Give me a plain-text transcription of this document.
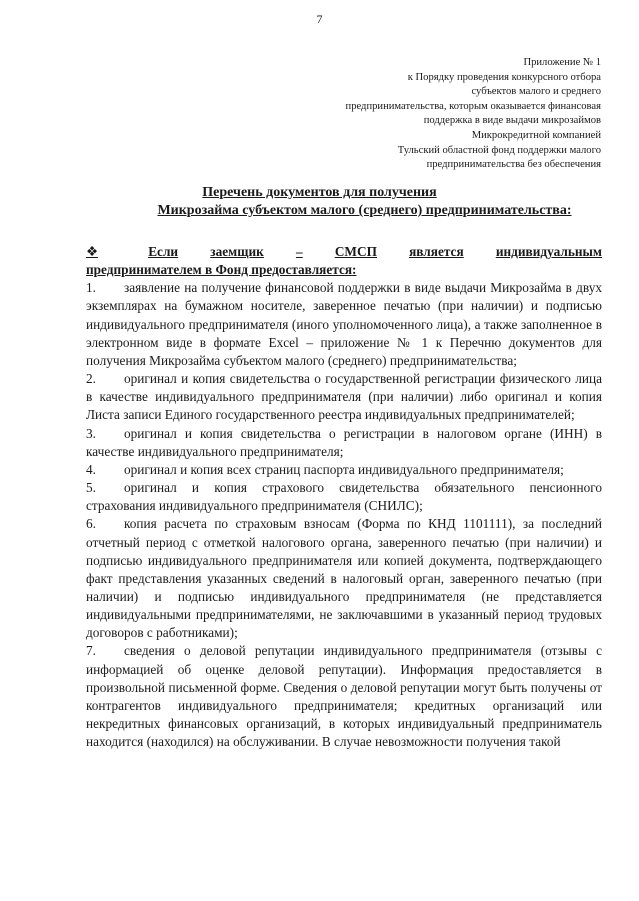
7
Приложение № 1
к Порядку проведения конкурсного отбора
субъектов малого и среднего
предпринимательства, которым оказывается финансовая
поддержка в виде выдачи микрозаймов
Микрокредитной компанией
Тульский областной фонд поддержки малого
предпринимательства без обеспечения
Перечень документов для получения
Микрозайма субъектом малого (среднего) предпринимательства:
❖	Если заемщик – СМСП является индивидуальным
предпринимателем в Фонд предоставляется:

1. заявление на получение финансовой поддержки в виде выдачи Микрозайма в двух экземплярах на бумажном носителе, заверенное печатью (при наличии) и подписью индивидуального предпринимателя (иного уполномоченного лица), а также заполненное в электронном виде в формате Excel – приложение № 1 к Перечню документов для получения Микрозайма субъектом малого (среднего) предпринимательства;

2. оригинал и копия свидетельства о государственной регистрации физического лица в качестве индивидуального предпринимателя (при наличии) либо оригинал и копия Листа записи Единого государственного реестра индивидуальных предпринимателей;

3. оригинал и копия свидетельства о регистрации в налоговом органе (ИНН) в качестве индивидуального предпринимателя;

4. оригинал и копия всех страниц паспорта индивидуального предпринимателя;

5. оригинал и копия страхового свидетельства обязательного пенсионного страхования индивидуального предпринимателя (СНИЛС);

6. копия расчета по страховым взносам (Форма по КНД 1101111), за последний отчетный период с отметкой налогового органа, заверенного печатью (при наличии) и подписью индивидуального предпринимателя или копией документа, подтверждающего факт представления указанных сведений в налоговый орган, заверенного печатью (при наличии) и подписью индивидуального предпринимателя (не представляется индивидуальными предпринимателями, не заключавшими в указанный период трудовых договоров с работниками);

7. сведения о деловой репутации индивидуального предпринимателя (отзывы с информацией об оценке деловой репутации). Информация предоставляется в произвольной письменной форме. Сведения о деловой репутации могут быть получены от контрагентов индивидуального предпринимателя; кредитных организаций или некредитных финансовых организаций, в которых индивидуальный предприниматель находится (находился) на обслуживании. В случае невозможности получения такой
